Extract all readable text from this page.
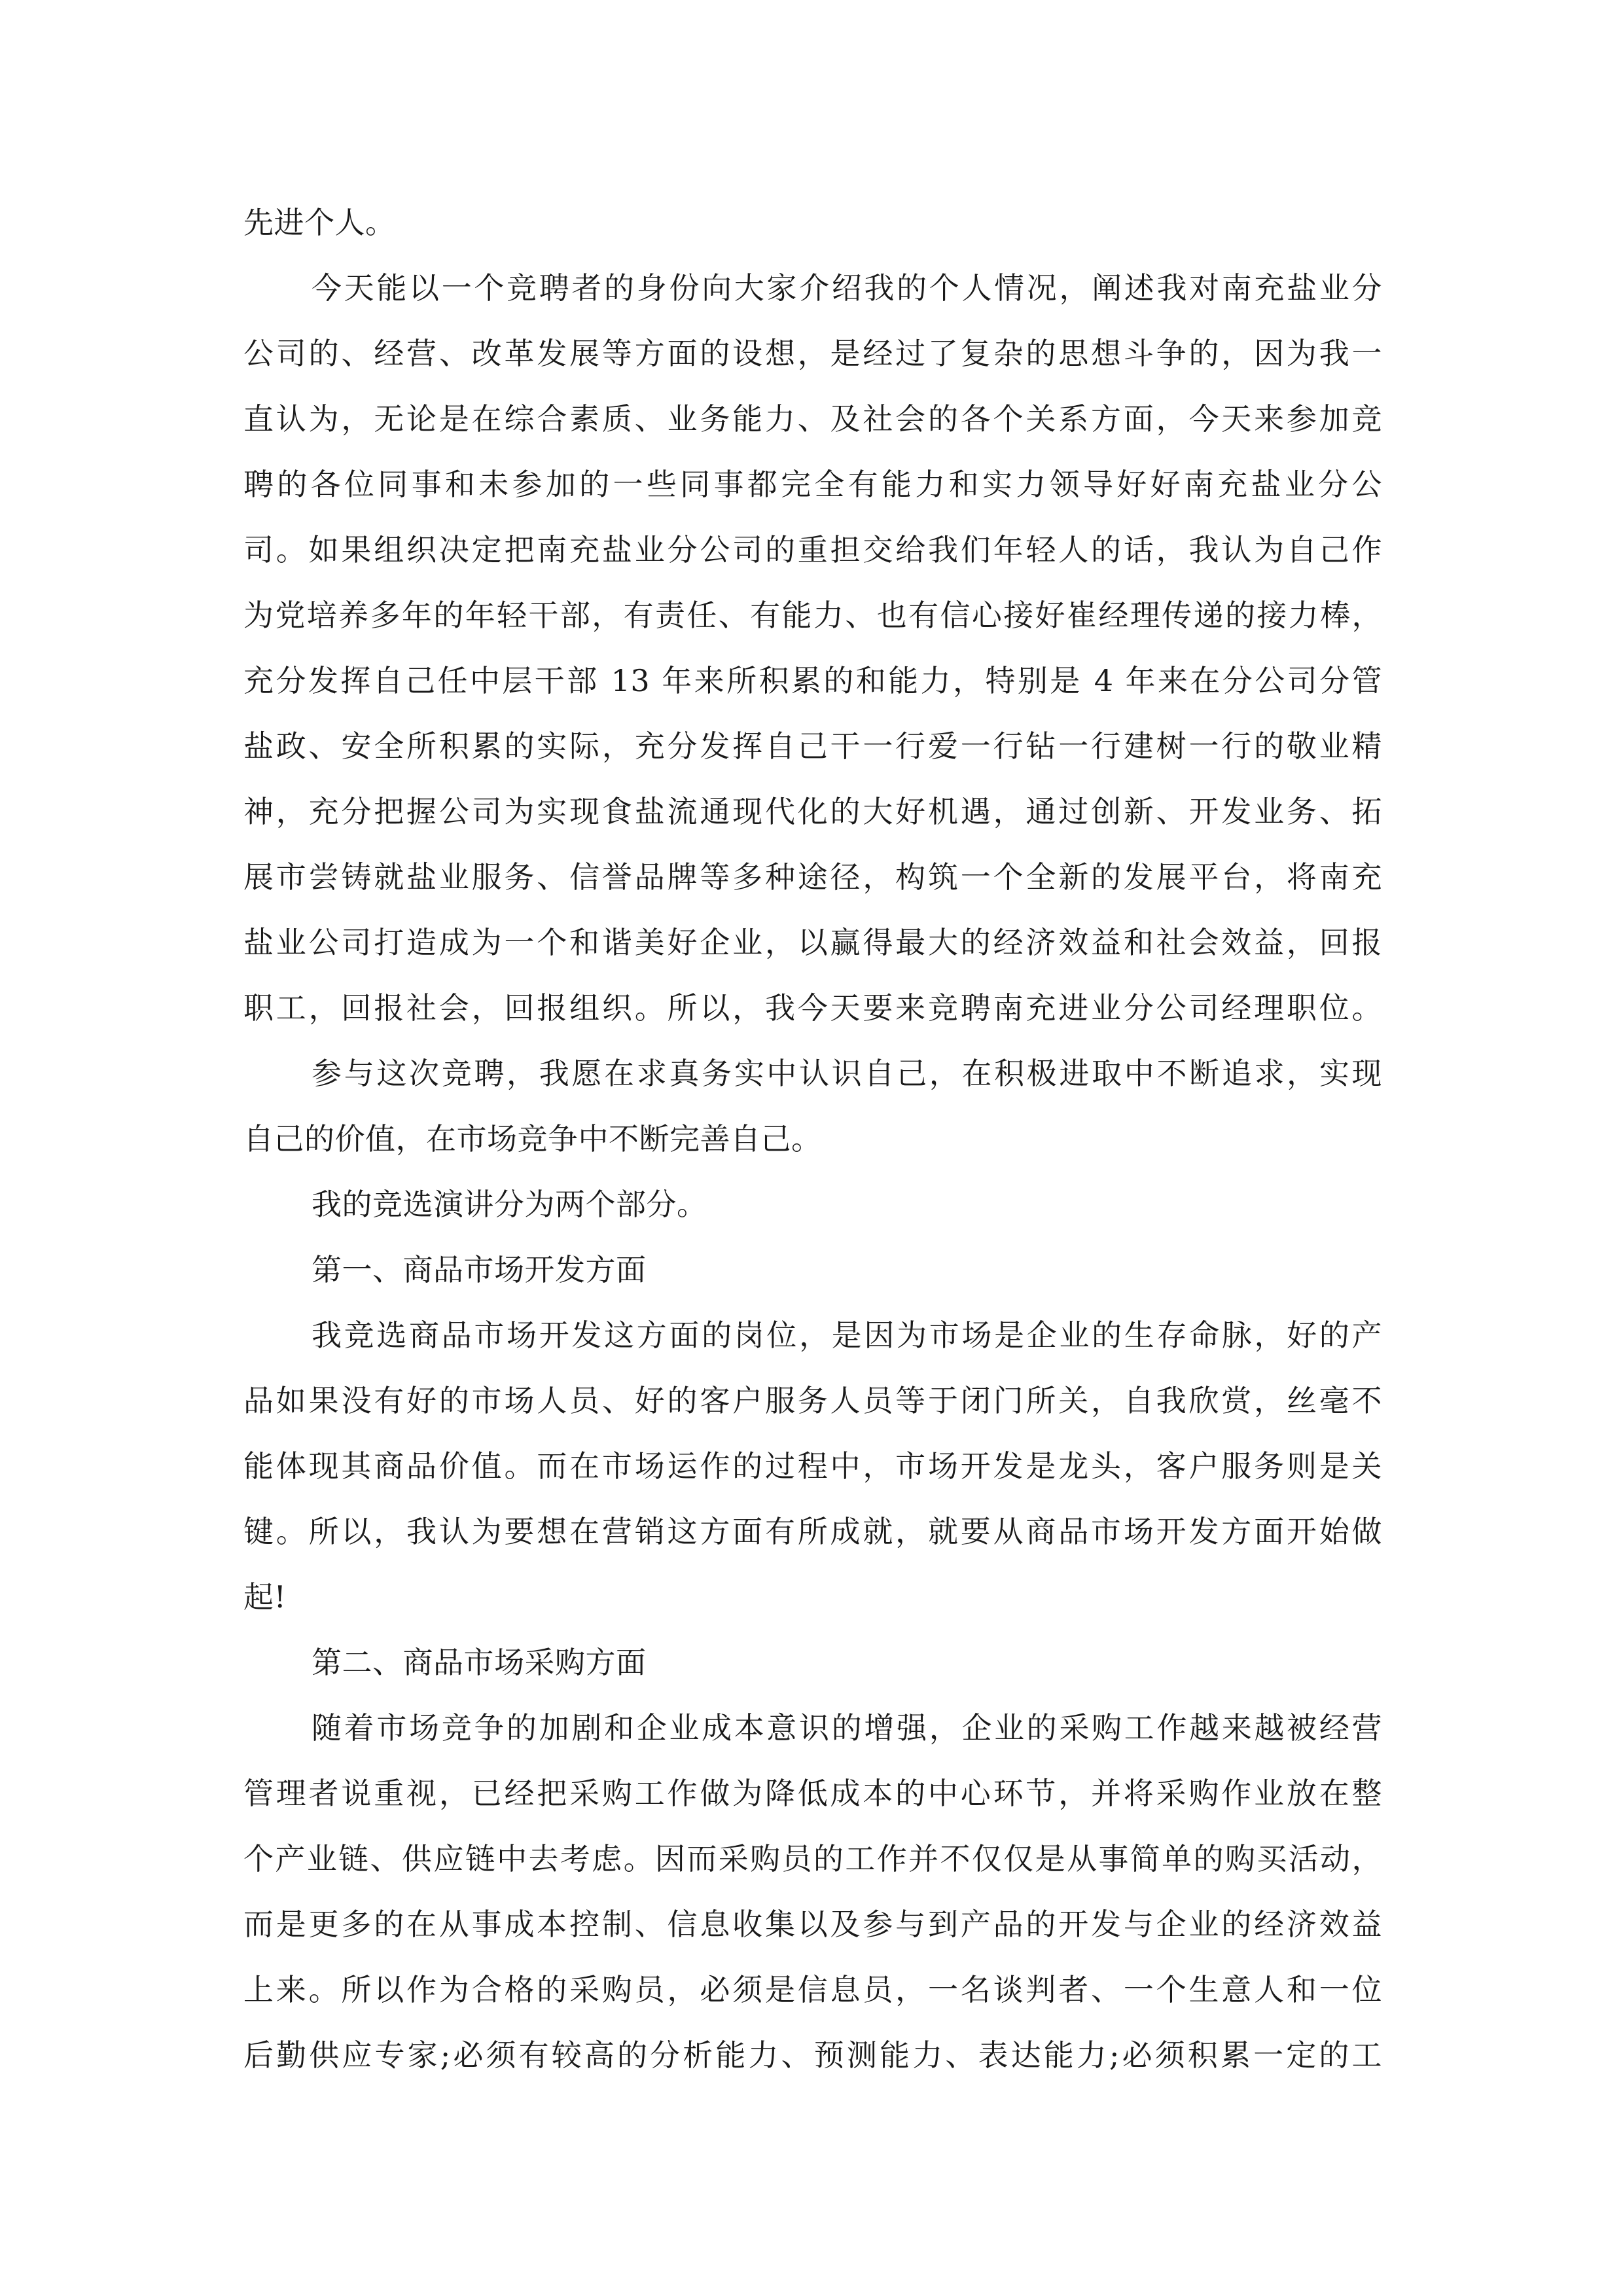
先进个人。
今天能以一个竞聘者的身份向大家介绍我的个人情况，阐述我对南充盐业分
公司的、经营、改革发展等方面的设想，是经过了复杂的思想斗争的，因为我一
直认为，无论是在综合素质、业务能力、及社会的各个关系方面，今天来参加竞
聘的各位同事和未参加的一些同事都完全有能力和实力领导好好南充盐业分公
司。如果组织决定把南充盐业分公司的重担交给我们年轻人的话，我认为自己作
为党培养多年的年轻干部，有责任、有能力、也有信心接好崔经理传递的接力棒，
充分发挥自己任中层干部 13 年来所积累的和能力，特别是 4 年来在分公司分管
盐政、安全所积累的实际，充分发挥自己干一行爱一行钻一行建树一行的敬业精
神，充分把握公司为实现食盐流通现代化的大好机遇，通过创新、开发业务、拓
展市尝铸就盐业服务、信誉品牌等多种途径，构筑一个全新的发展平台，将南充
盐业公司打造成为一个和谐美好企业，以赢得最大的经济效益和社会效益，回报
职工，回报社会，回报组织。所以，我今天要来竞聘南充进业分公司经理职位。
参与这次竞聘，我愿在求真务实中认识自己，在积极进取中不断追求，实现
自己的价值，在市场竞争中不断完善自己。
我的竞选演讲分为两个部分。
第一、商品市场开发方面
我竞选商品市场开发这方面的岗位，是因为市场是企业的生存命脉，好的产
品如果没有好的市场人员、好的客户服务人员等于闭门所关，自我欣赏，丝毫不
能体现其商品价值。而在市场运作的过程中，市场开发是龙头，客户服务则是关
键。所以，我认为要想在营销这方面有所成就，就要从商品市场开发方面开始做
起!
第二、商品市场采购方面
随着市场竞争的加剧和企业成本意识的增强，企业的采购工作越来越被经营
管理者说重视，已经把采购工作做为降低成本的中心环节，并将采购作业放在整
个产业链、供应链中去考虑。因而采购员的工作并不仅仅是从事简单的购买活动，
而是更多的在从事成本控制、信息收集以及参与到产品的开发与企业的经济效益
上来。所以作为合格的采购员，必须是信息员，一名谈判者、一个生意人和一位
后勤供应专家;必须有较高的分析能力、预测能力、表达能力;必须积累一定的工
